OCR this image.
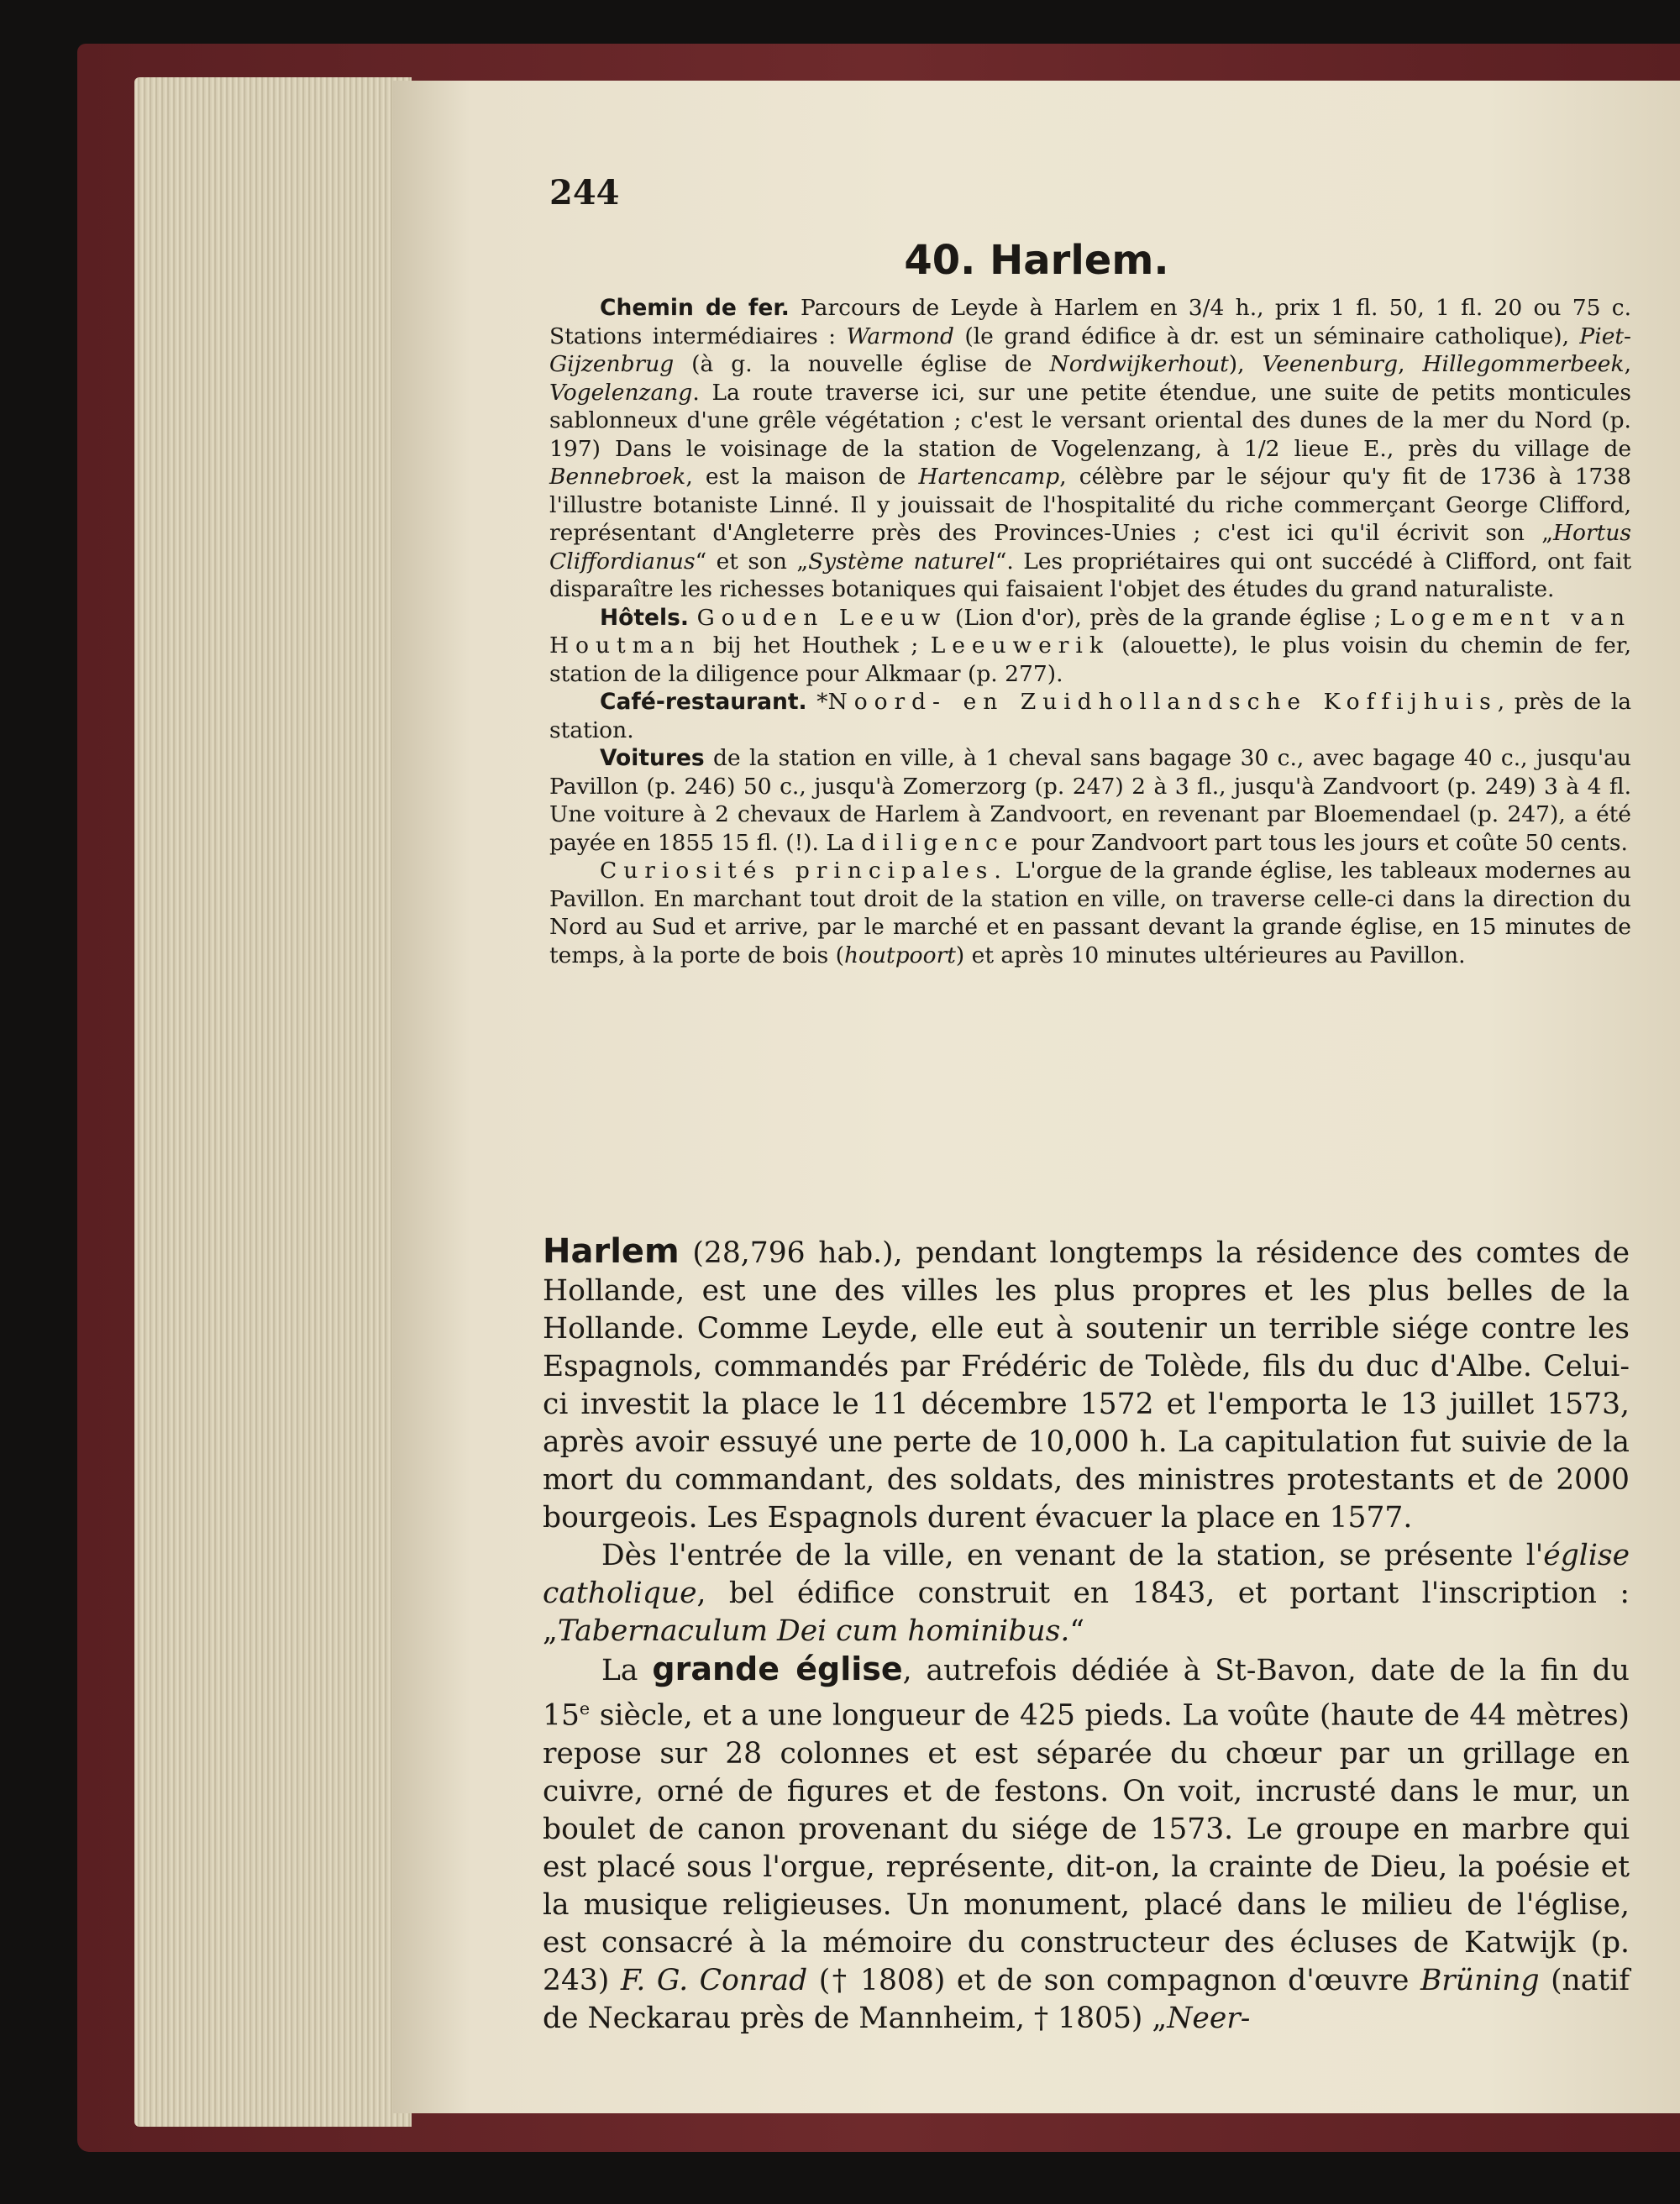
244
40. Harlem.

Chemin de fer. Parcours de Leyde à Harlem en 3/4 h., prix 1 fl. 50, 1 fl. 20 ou 75 c. Stations intermédiaires : Warmond (le grand édifice à dr. est un séminaire catholique), Piet-Gijzenbrug (à g. la nouvelle église de Nordwijkerhout), Veenenburg, Hillegommerbeek, Vogelenzang. La route traverse ici, sur une petite étendue, une suite de petits monticules sablonneux d'une grêle végétation ; c'est le versant oriental des dunes de la mer du Nord (p. 197) Dans le voisinage de la station de Vogelenzang, à 1/2 lieue E., près du village de Bennebroek, est la maison de Hartencamp, célèbre par le séjour qu'y fit de 1736 à 1738 l'illustre botaniste Linné. Il y jouissait de l'hospitalité du riche commerçant George Clifford, représentant d'Angleterre près des Provinces-Unies ; c'est ici qu'il écrivit son „Hortus Cliffordianus“ et son „Système naturel“. Les propriétaires qui ont succédé à Clifford, ont fait disparaître les richesses botaniques qui faisaient l'objet des études du grand naturaliste.

Hôtels. Gouden Leeuw (Lion d'or), près de la grande église ; Logement van Houtman bij het Houthek ; Leeuwerik (alouette), le plus voisin du chemin de fer, station de la diligence pour Alkmaar (p. 277).

Café-restaurant. *Noord- en Zuidhollandsche Koffijhuis, près de la station.

Voitures de la station en ville, à 1 cheval sans bagage 30 c., avec bagage 40 c., jusqu'au Pavillon (p. 246) 50 c., jusqu'à Zomerzorg (p. 247) 2 à 3 fl., jusqu'à Zandvoort (p. 249) 3 à 4 fl. Une voiture à 2 chevaux de Harlem à Zandvoort, en revenant par Bloemendael (p. 247), a été payée en 1855 15 fl. (!). La diligence pour Zandvoort part tous les jours et coûte 50 cents.

Curiosités principales. L'orgue de la grande église, les tableaux modernes au Pavillon. En marchant tout droit de la station en ville, on traverse celle-ci dans la direction du Nord au Sud et arrive, par le marché et en passant devant la grande église, en 15 minutes de temps, à la porte de bois (houtpoort) et après 10 minutes ultérieures au Pavillon.

Harlem (28,796 hab.), pendant longtemps la résidence des comtes de Hollande, est une des villes les plus propres et les plus belles de la Hollande. Comme Leyde, elle eut à soutenir un terrible siége contre les Espagnols, commandés par Frédéric de Tolède, fils du duc d'Albe. Celui-ci investit la place le 11 décembre 1572 et l'emporta le 13 juillet 1573, après avoir essuyé une perte de 10,000 h. La capitulation fut suivie de la mort du commandant, des soldats, des ministres protestants et de 2000 bourgeois. Les Espagnols durent évacuer la place en 1577.

Dès l'entrée de la ville, en venant de la station, se présente l'église catholique, bel édifice construit en 1843, et portant l'inscription : „Tabernaculum Dei cum hominibus.“

La grande église, autrefois dédiée à St-Bavon, date de la fin du 15e siècle, et a une longueur de 425 pieds. La voûte (haute de 44 mètres) repose sur 28 colonnes et est séparée du chœur par un grillage en cuivre, orné de figures et de festons. On voit, incrusté dans le mur, un boulet de canon provenant du siége de 1573. Le groupe en marbre qui est placé sous l'orgue, représente, dit-on, la crainte de Dieu, la poésie et la musique religieuses. Un monument, placé dans le milieu de l'église, est consacré à la mémoire du constructeur des écluses de Katwijk (p. 243) F. G. Conrad († 1808) et de son compagnon d'œuvre Brüning (natif de Neckarau près de Mannheim, † 1805) „Neer-
